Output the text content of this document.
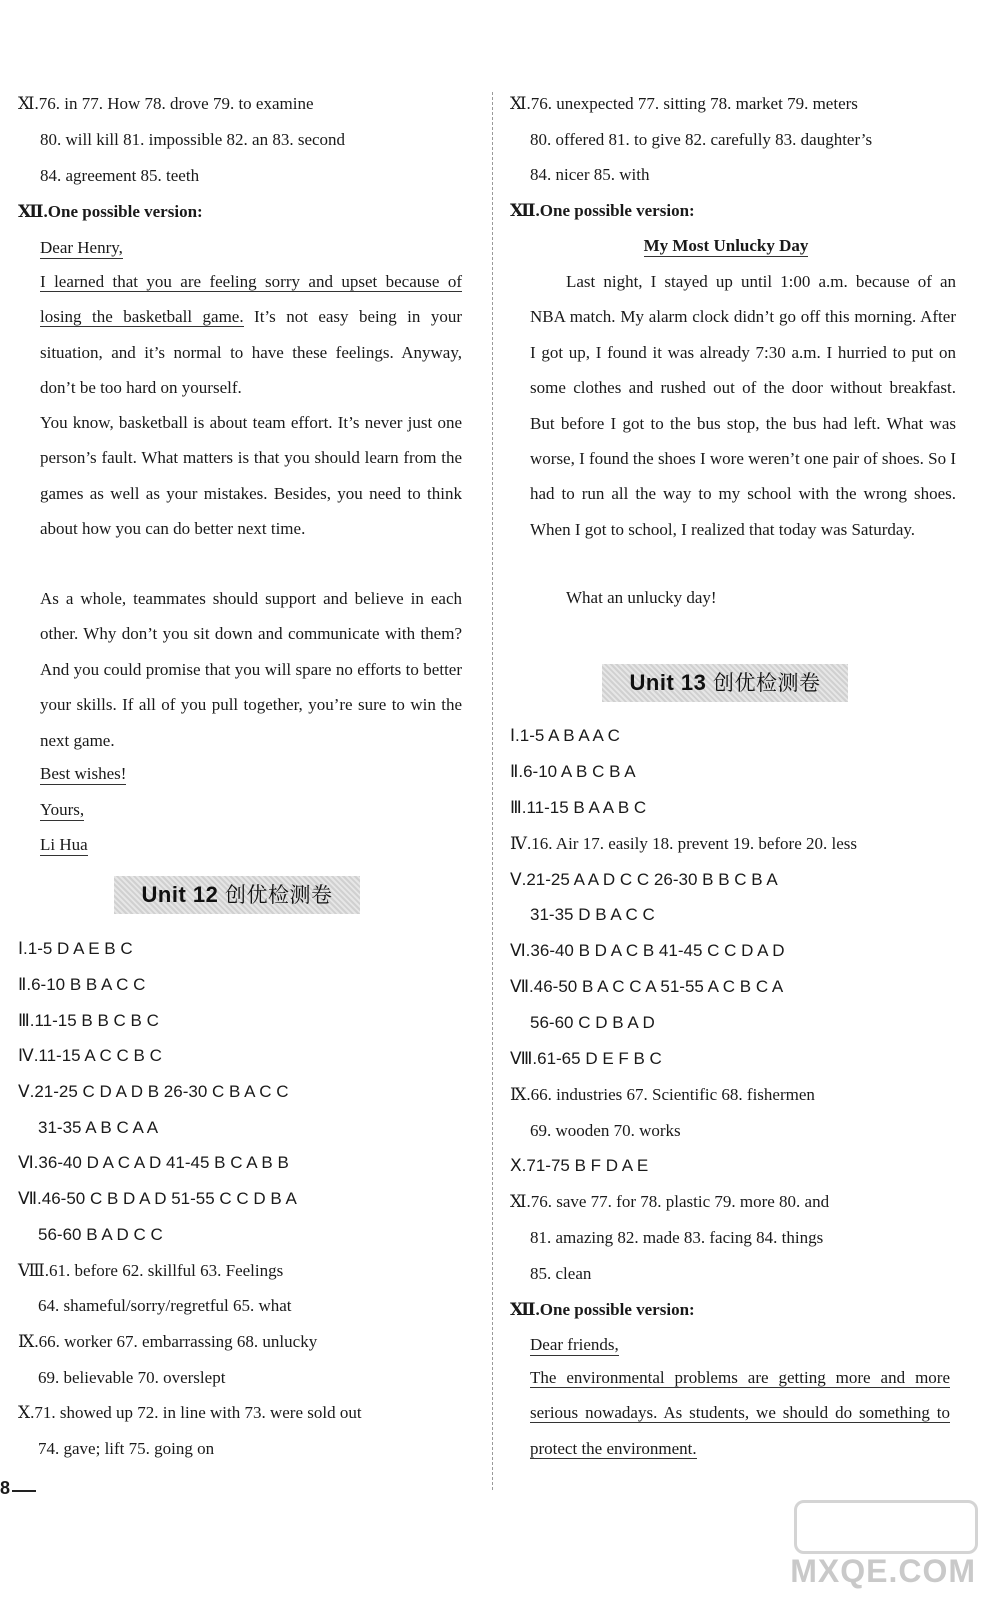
Ⅺ.76. in 77. How 78. drove 79. to examine
80. will kill 81. impossible 82. an 83. second
84. agreement 85. teeth
Ⅻ.One possible version:
Dear Henry,
I learned that you are feeling sorry and upset because of losing the basketball game. It’s not easy being in your situation, and it’s normal to have these feelings. Anyway, don’t be too hard on yourself.
You know, basketball is about team effort. It’s never just one person’s fault. What matters is that you should learn from the games as well as your mistakes. Besides, you need to think about how you can do better next time.
As a whole, teammates should support and believe in each other. Why don’t you sit down and communicate with them? And you could promise that you will spare no efforts to better your skills. If all of you pull together, you’re sure to win the next game.
Best wishes!
Yours,
Li Hua
Unit 12 创优检测卷
Ⅰ.1-5 D A E B C
Ⅱ.6-10 B B A C C
Ⅲ.11-15 B B C B C
Ⅳ.11-15 A C C B C
Ⅴ.21-25 C D A D B 26-30 C B A C C
31-35 A B C A A
Ⅵ.36-40 D A C A D 41-45 B C A B B
Ⅶ.46-50 C B D A D 51-55 C C D B A
56-60 B A D C C
Ⅷ.61. before 62. skillful 63. Feelings
64. shameful/sorry/regretful 65. what
Ⅸ.66. worker 67. embarrassing 68. unlucky
69. believable 70. overslept
Ⅹ.71. showed up 72. in line with 73. were sold out
74. gave; lift 75. going on
8
Ⅺ.76. unexpected 77. sitting 78. market 79. meters
80. offered 81. to give 82. carefully 83. daughter’s
84. nicer 85. with
Ⅻ.One possible version:
My Most Unlucky Day
Last night, I stayed up until 1:00 a.m. because of an NBA match. My alarm clock didn’t go off this morning. After I got up, I found it was already 7:30 a.m. I hurried to put on some clothes and rushed out of the door without breakfast. But before I got to the bus stop, the bus had left. What was worse, I found the shoes I wore weren’t one pair of shoes. So I had to run all the way to my school with the wrong shoes. When I got to school, I realized that today was Saturday.
What an unlucky day!
Unit 13 创优检测卷
Ⅰ.1-5 A B A A C
Ⅱ.6-10 A B C B A
Ⅲ.11-15 B A A B C
Ⅳ.16. Air 17. easily 18. prevent 19. before 20. less
Ⅴ.21-25 A A D C C 26-30 B B C B A
31-35 D B A C C
Ⅵ.36-40 B D A C B 41-45 C C D A D
Ⅶ.46-50 B A C C A 51-55 A C B C A
56-60 C D B A D
Ⅷ.61-65 D E F B C
Ⅸ.66. industries 67. Scientific 68. fishermen
69. wooden 70. works
Ⅹ.71-75 B F D A E
Ⅺ.76. save 77. for 78. plastic 79. more 80. and
81. amazing 82. made 83. facing 84. things
85. clean
Ⅻ.One possible version:
Dear friends,
The environmental problems are getting more and more serious nowadays. As students, we should do something to protect the environment.
MXQE.COM
